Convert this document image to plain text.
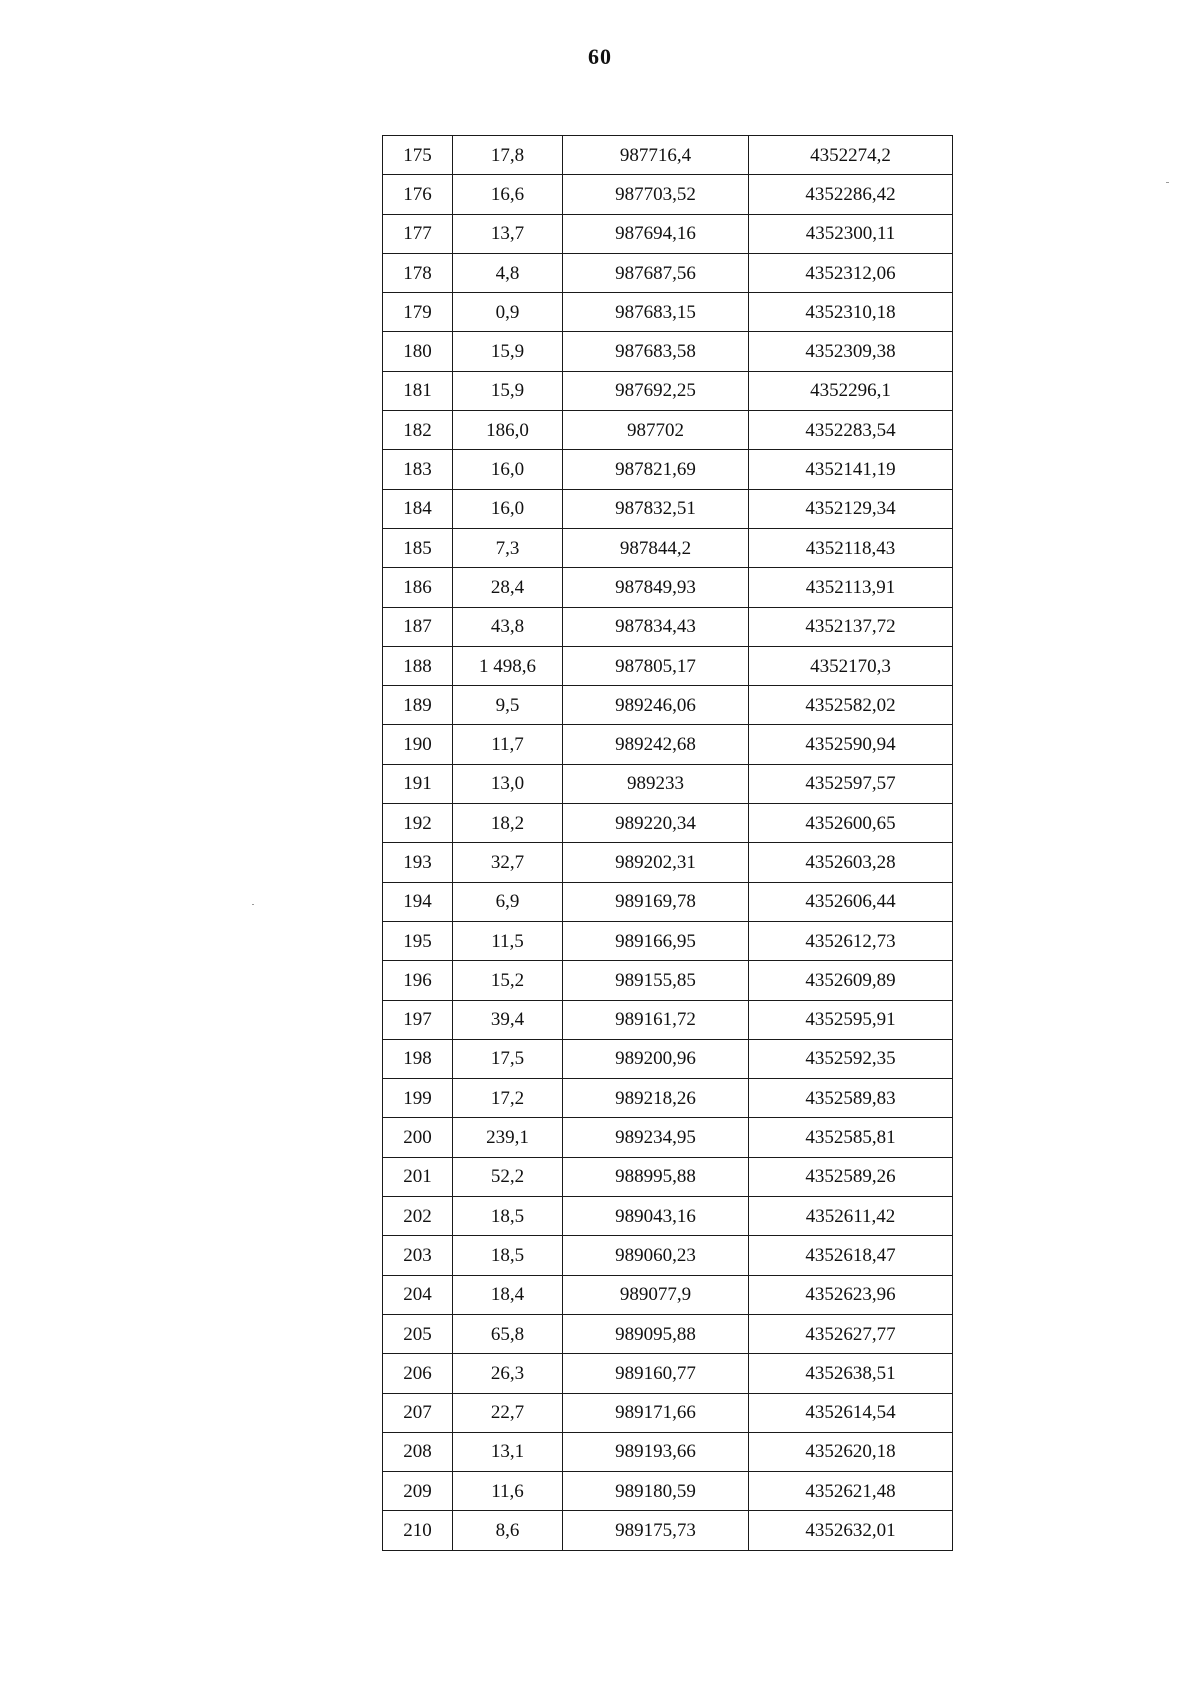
60
175	17,8	987716,4	4352274,2
176	16,6	987703,52	4352286,42
177	13,7	987694,16	4352300,11
178	4,8	987687,56	4352312,06
179	0,9	987683,15	4352310,18
180	15,9	987683,58	4352309,38
181	15,9	987692,25	4352296,1
182	186,0	987702	4352283,54
183	16,0	987821,69	4352141,19
184	16,0	987832,51	4352129,34
185	7,3	987844,2	4352118,43
186	28,4	987849,93	4352113,91
187	43,8	987834,43	4352137,72
188	1 498,6	987805,17	4352170,3
189	9,5	989246,06	4352582,02
190	11,7	989242,68	4352590,94
191	13,0	989233	4352597,57
192	18,2	989220,34	4352600,65
193	32,7	989202,31	4352603,28
194	6,9	989169,78	4352606,44
195	11,5	989166,95	4352612,73
196	15,2	989155,85	4352609,89
197	39,4	989161,72	4352595,91
198	17,5	989200,96	4352592,35
199	17,2	989218,26	4352589,83
200	239,1	989234,95	4352585,81
201	52,2	988995,88	4352589,26
202	18,5	989043,16	4352611,42
203	18,5	989060,23	4352618,47
204	18,4	989077,9	4352623,96
205	65,8	989095,88	4352627,77
206	26,3	989160,77	4352638,51
207	22,7	989171,66	4352614,54
208	13,1	989193,66	4352620,18
209	11,6	989180,59	4352621,48
210	8,6	989175,73	4352632,01
